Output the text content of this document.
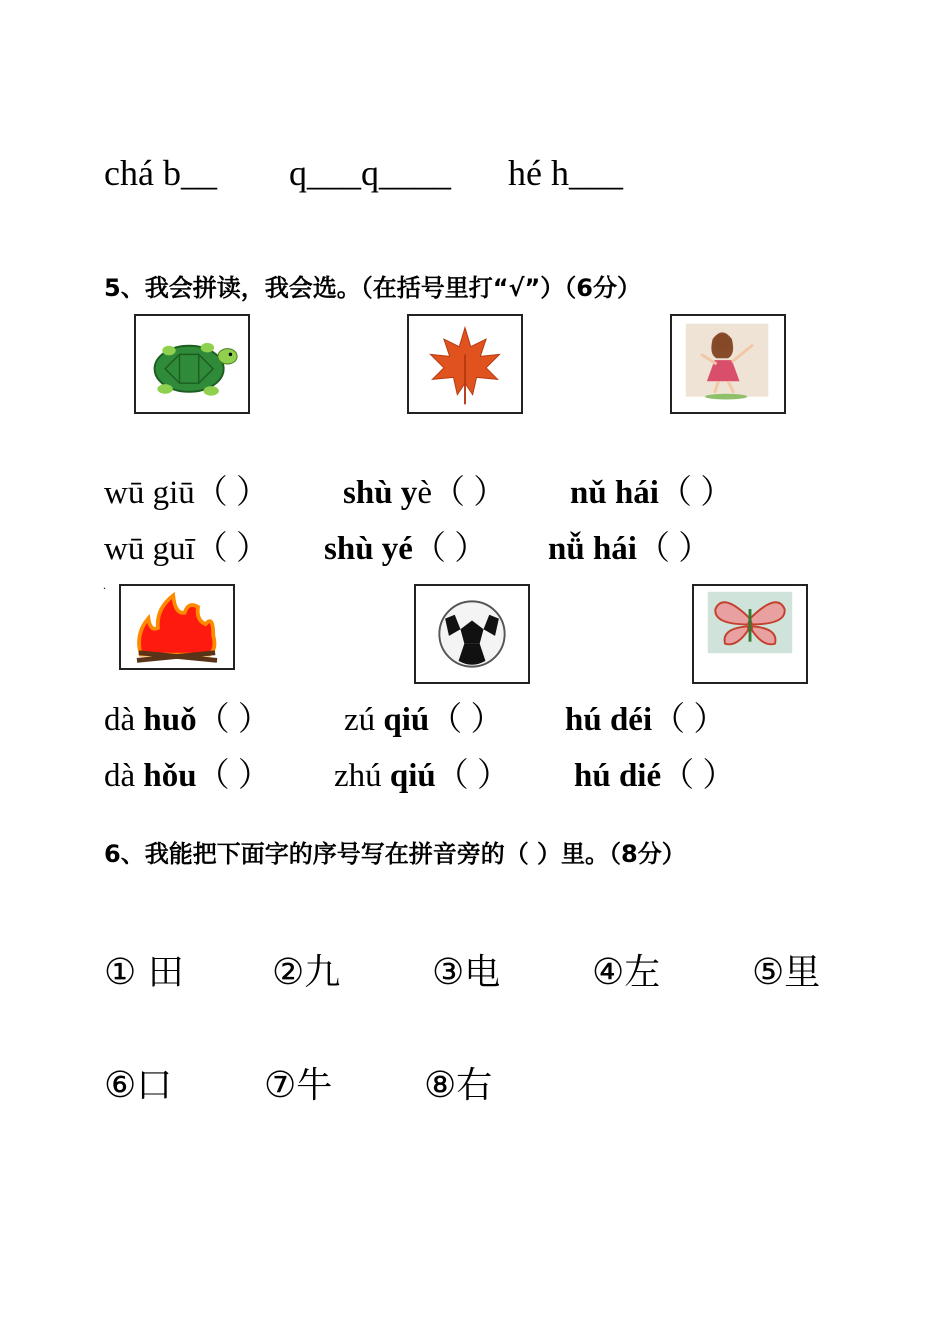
chá b__ q___q____ hé h___
5、我会拼读，我会选。（在括号里打“√”）（6分）
wū giū（ ） shù yè（ ） nǔ hái（ ）
wū guī（ ） shù yé（ ） nǚ hái（ ）
.
dà huǒ（ ） zú qiú（ ） hú déi（ ）
dà hǒu（ ） zhú qiú（ ） hú dié（ ）
6、我能把下面字的序号写在拼音旁的（ ）里。（8分）
① 田 ②九	③电	④左	⑤里
⑥口	⑦牛	⑧右
